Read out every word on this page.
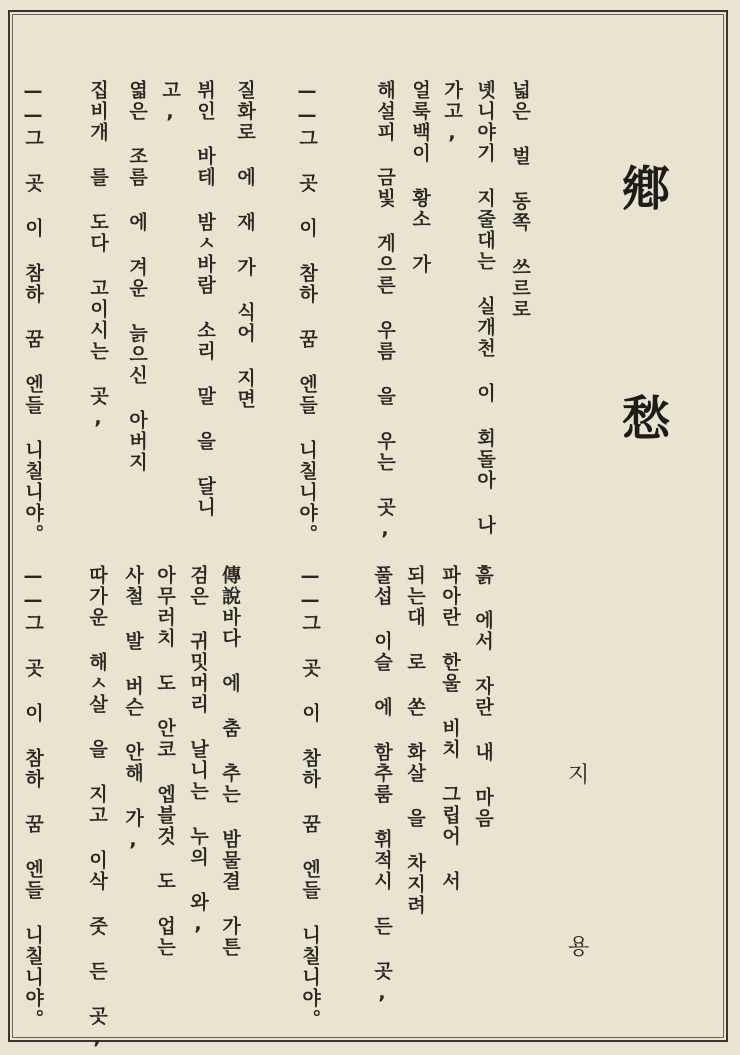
鄕
愁
지
용
넓은 벌 동쪽 쓰르로
녯니야기 지줄대는 실개천 이 회돌아 나
가고,
얼룩백이 황소 가
해설피 금빛 게으른 우름 을 우는 곳,
——그 곳 이 참하 꿈 엔들 니칠니야。
질화로 에 재 가 식어 지면
뷔인 바테 밤ㅅ바람 소리 말 을 달니
고,
엷은 조름 에 겨운 늙으신 아버지
집비개 를 도다 고이시는 곳,
——그 곳 이 참하 꿈 엔들 니칠니야。
흙 에서 자란 내 마음
파아란 한울 비치 그립어 서
되는대 로 쏜 화살 을 차지려
풀섭 이슬 에 함추룸 휘적시 든 곳,
——그 곳 이 참하 꿈 엔들 니칠니야。
傳說바다 에 춤 추는 밤물결 가튼
검은 귀밋머리 날니는 누의 와,
아무러치 도 안코 엡블것 도 업는
사철 발 버슨 안해 가,
따가운 해ㅅ살 을 지고 이삭 줏 든 곳,
——그 곳 이 참하 꿈 엔들 니칠니야。
